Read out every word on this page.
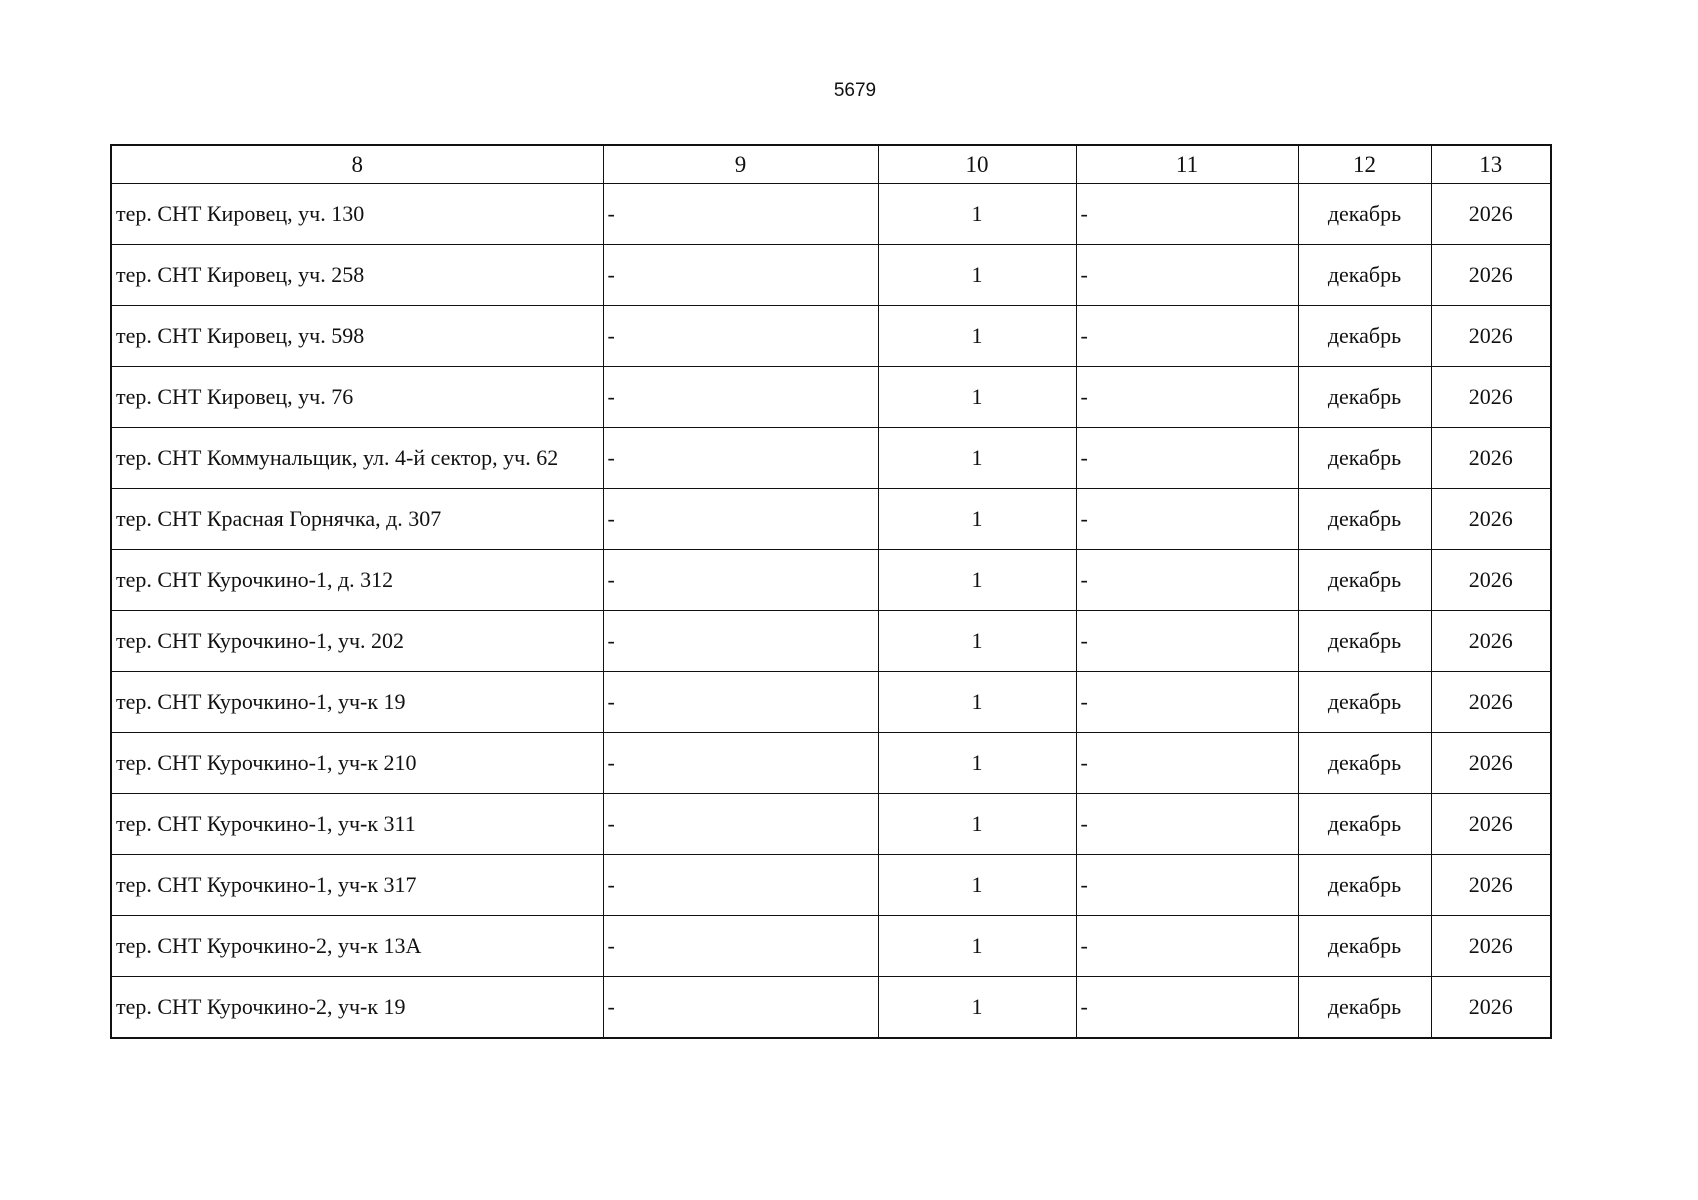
5679
8	9	10	11	12	13
тер. СНТ Кировец, уч. 130	-	1	-	декабрь	2026
тер. СНТ Кировец, уч. 258	-	1	-	декабрь	2026
тер. СНТ Кировец, уч. 598	-	1	-	декабрь	2026
тер. СНТ Кировец, уч. 76	-	1	-	декабрь	2026
тер. СНТ Коммунальщик, ул. 4-й сектор, уч. 62	-	1	-	декабрь	2026
тер. СНТ Красная Горнячка, д. 307	-	1	-	декабрь	2026
тер. СНТ Курочкино-1, д. 312	-	1	-	декабрь	2026
тер. СНТ Курочкино-1, уч. 202	-	1	-	декабрь	2026
тер. СНТ Курочкино-1, уч-к 19	-	1	-	декабрь	2026
тер. СНТ Курочкино-1, уч-к 210	-	1	-	декабрь	2026
тер. СНТ Курочкино-1, уч-к 311	-	1	-	декабрь	2026
тер. СНТ Курочкино-1, уч-к 317	-	1	-	декабрь	2026
тер. СНТ Курочкино-2, уч-к 13А	-	1	-	декабрь	2026
тер. СНТ Курочкино-2, уч-к 19	-	1	-	декабрь	2026
